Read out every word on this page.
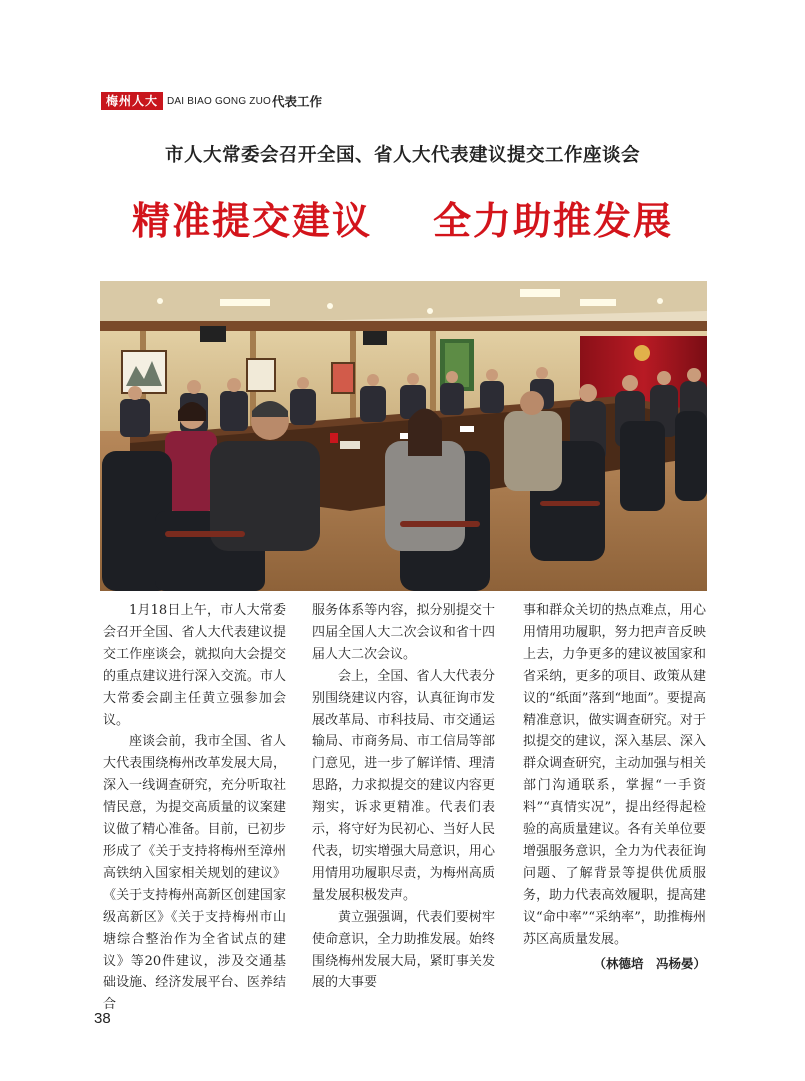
梅州人大 DAI BIAO GONG ZUO 代表工作
市人大常委会召开全国、省人大代表建议提交工作座谈会
精准提交建议    全力助推发展

1月18日上午，市人大常委会召开全国、省人大代表建议提交工作座谈会，就拟向大会提交的重点建议进行深入交流。市人大常委会副主任黄立强参加会议。

座谈会前，我市全国、省人大代表围绕梅州改革发展大局，深入一线调查研究，充分听取社情民意，为提交高质量的议案建议做了精心准备。目前，已初步形成了《关于支持将梅州至漳州高铁纳入国家相关规划的建议》《关于支持梅州高新区创建国家级高新区》《关于支持梅州市山塘综合整治作为全省试点的建议》等20件建议，涉及交通基础设施、经济发展平台、医养结合

服务体系等内容，拟分别提交十四届全国人大二次会议和省十四届人大二次会议。

会上，全国、省人大代表分别围绕建议内容，认真征询市发展改革局、市科技局、市交通运输局、市商务局、市工信局等部门意见，进一步了解详情、理清思路，力求拟提交的建议内容更翔实，诉求更精准。代表们表示，将守好为民初心、当好人民代表，切实增强大局意识，用心用情用功履职尽责，为梅州高质量发展积极发声。

黄立强强调，代表们要树牢使命意识，全力助推发展。始终围绕梅州发展大局，紧盯事关发展的大事要

事和群众关切的热点难点，用心用情用功履职，努力把声音反映上去，力争更多的建议被国家和省采纳，更多的项目、政策从建议的“纸面”落到“地面”。要提高精准意识，做实调查研究。对于拟提交的建议，深入基层、深入群众调查研究，主动加强与相关部门沟通联系，掌握“一手资料”“真情实况”，提出经得起检验的高质量建议。各有关单位要增强服务意识，全力为代表征询问题、了解背景等提供优质服务，助力代表高效履职，提高建议“命中率”“采纳率”，助推梅州苏区高质量发展。

（林德培　冯杨晏）
38
